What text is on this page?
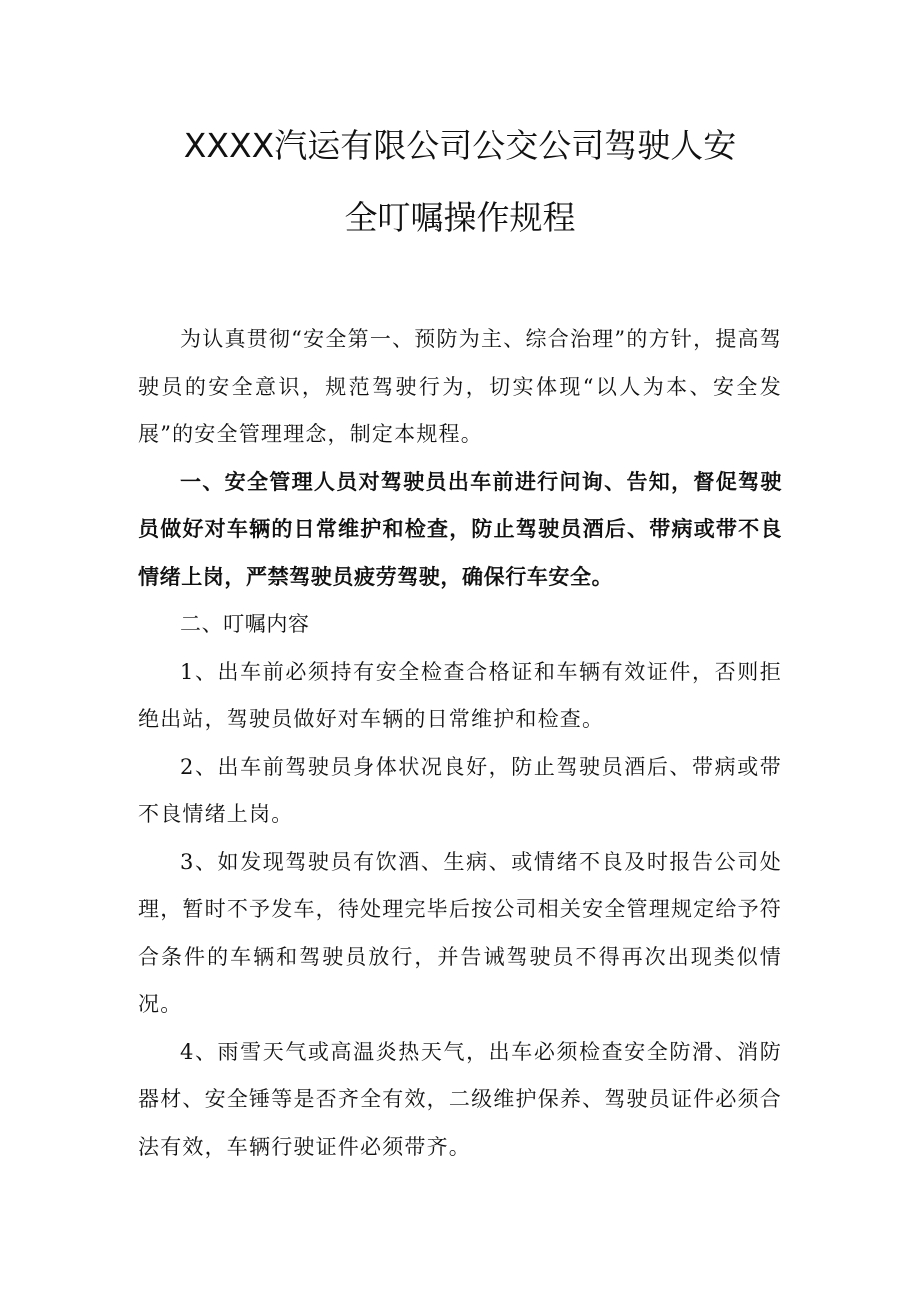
XXXX汽运有限公司公交公司驾驶人安
全叮嘱操作规程

为认真贯彻“安全第一、预防为主、综合治理”的方针，提高驾驶员的安全意识，规范驾驶行为，切实体现“以人为本、安全发展”的安全管理理念，制定本规程。

一、安全管理人员对驾驶员出车前进行问询、告知，督促驾驶员做好对车辆的日常维护和检查，防止驾驶员酒后、带病或带不良情绪上岗，严禁驾驶员疲劳驾驶，确保行车安全。

二、叮嘱内容

1、出车前必须持有安全检查合格证和车辆有效证件，否则拒绝出站，驾驶员做好对车辆的日常维护和检查。

2、出车前驾驶员身体状况良好，防止驾驶员酒后、带病或带不良情绪上岗。

3、如发现驾驶员有饮酒、生病、或情绪不良及时报告公司处理，暂时不予发车，待处理完毕后按公司相关安全管理规定给予符合条件的车辆和驾驶员放行，并告诫驾驶员不得再次出现类似情况。

4、雨雪天气或高温炎热天气，出车必须检查安全防滑、消防器材、安全锤等是否齐全有效，二级维护保养、驾驶员证件必须合法有效，车辆行驶证件必须带齐。
